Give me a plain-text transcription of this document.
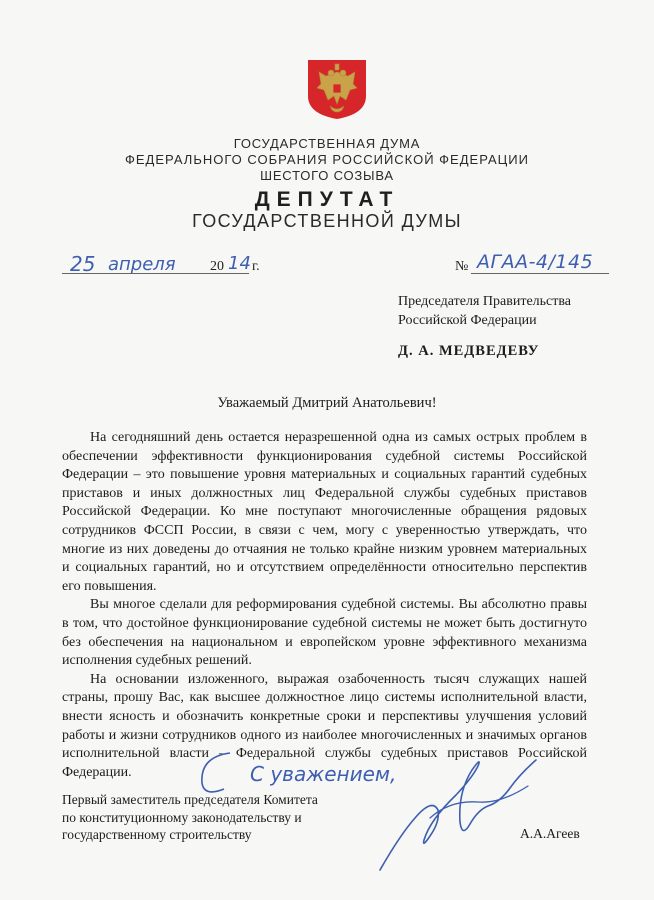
ГОСУДАРСТВЕННАЯ ДУМА
ФЕДЕРАЛЬНОГО СОБРАНИЯ РОССИЙСКОЙ ФЕДЕРАЦИИ
ШЕСТОГО СОЗЫВА
ДЕПУТАТ
ГОСУДАРСТВЕННОЙ ДУМЫ
25 апреля 20 14 г.	№ АГАА-4/145
Председателя Правительства
Российской Федерации
Д. А. МЕДВЕДЕВУ
Уважаемый Дмитрий Анатольевич!

На сегодняшний день остается неразрешенной одна из самых острых проблем в обеспечении эффективности функционирования судебной системы Российской Федерации – это повышение уровня материальных и социальных гарантий судебных приставов и иных должностных лиц Федеральной службы судебных приставов Российской Федерации. Ко мне поступают многочисленные обращения рядовых сотрудников ФССП России, в связи с чем, могу с уверенностью утверждать, что многие из них доведены до отчаяния не только крайне низким уровнем материальных и социальных гарантий, но и отсутствием определённости относительно перспектив его повышения.

Вы многое сделали для реформирования судебной системы. Вы абсолютно правы в том, что достойное функционирование судебной системы не может быть достигнуто без обеспечения на национальном и европейском уровне эффективного механизма исполнения судебных решений.

На основании изложенного, выражая озабоченность тысяч служащих нашей страны, прошу Вас, как высшее должностное лицо системы исполнительной власти, внести ясность и обозначить конкретные сроки и перспективы улучшения условий работы и жизни сотрудников одного из наиболее многочисленных и значимых органов исполнительной власти – Федеральной службы судебных приставов Российской Федерации.	С уважением,
Первый заместитель председателя Комитета
по конституционному законодательству и
государственному строительству	А.А.Агеев
